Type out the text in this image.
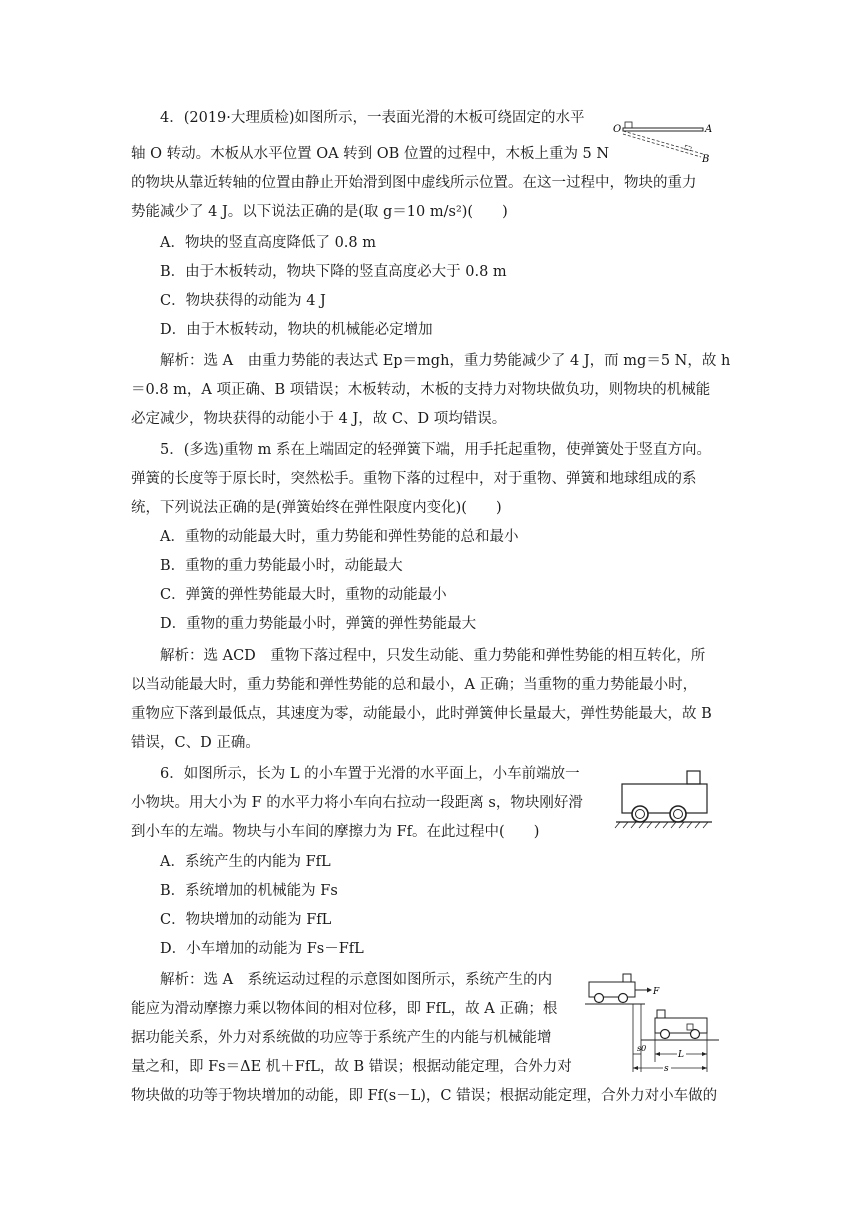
4．(2019·大理质检)如图所示，一表面光滑的木板可绕固定的水平
轴 O 转动。木板从水平位置 OA 转到 OB 位置的过程中，木板上重为 5 N
的物块从靠近转轴的位置由静止开始滑到图中虚线所示位置。在这一过程中，物块的重力
势能减少了 4 J。以下说法正确的是(取 g＝10 m/s²)(　　)
A．物块的竖直高度降低了 0.8 m
B．由于木板转动，物块下降的竖直高度必大于 0.8 m
C．物块获得的动能为 4 J
D．由于木板转动，物块的机械能必定增加
解析：选 A　由重力势能的表达式 Ep＝mgh，重力势能减少了 4 J，而 mg＝5 N，故 h
＝0.8 m，A 项正确、B 项错误；木板转动，木板的支持力对物块做负功，则物块的机械能
必定减少，物块获得的动能小于 4 J，故 C、D 项均错误。
O	A
B
5．(多选)重物 m 系在上端固定的轻弹簧下端，用手托起重物，使弹簧处于竖直方向。
弹簧的长度等于原长时，突然松手。重物下落的过程中，对于重物、弹簧和地球组成的系
统，下列说法正确的是(弹簧始终在弹性限度内变化)(　　)
A．重物的动能最大时，重力势能和弹性势能的总和最小
B．重物的重力势能最小时，动能最大
C．弹簧的弹性势能最大时，重物的动能最小
D．重物的重力势能最小时，弹簧的弹性势能最大
解析：选 ACD　重物下落过程中，只发生动能、重力势能和弹性势能的相互转化，所
以当动能最大时，重力势能和弹性势能的总和最小，A 正确；当重物的重力势能最小时，
重物应下落到最低点，其速度为零，动能最小，此时弹簧伸长量最大，弹性势能最大，故 B
错误，C、D 正确。
6．如图所示，长为 L 的小车置于光滑的水平面上，小车前端放一
小物块。用大小为 F 的水平力将小车向右拉动一段距离 s，物块刚好滑
到小车的左端。物块与小车间的摩擦力为 Ff。在此过程中(　　)
A．系统产生的内能为 FfL
B．系统增加的机械能为 Fs
C．物块增加的动能为 FfL
D．小车增加的动能为 Fs－FfL
解析：选 A　系统运动过程的示意图如图所示，系统产生的内
能应为滑动摩擦力乘以物体间的相对位移，即 FfL，故 A 正确；根
据功能关系，外力对系统做的功应等于系统产生的内能与机械能增
量之和，即 Fs＝ΔE 机＋FfL，故 B 错误；根据动能定理，合外力对
物块做的功等于物块增加的动能，即 Ff(s－L)，C 错误；根据动能定理，合外力对小车做的
F
s0
L
s
